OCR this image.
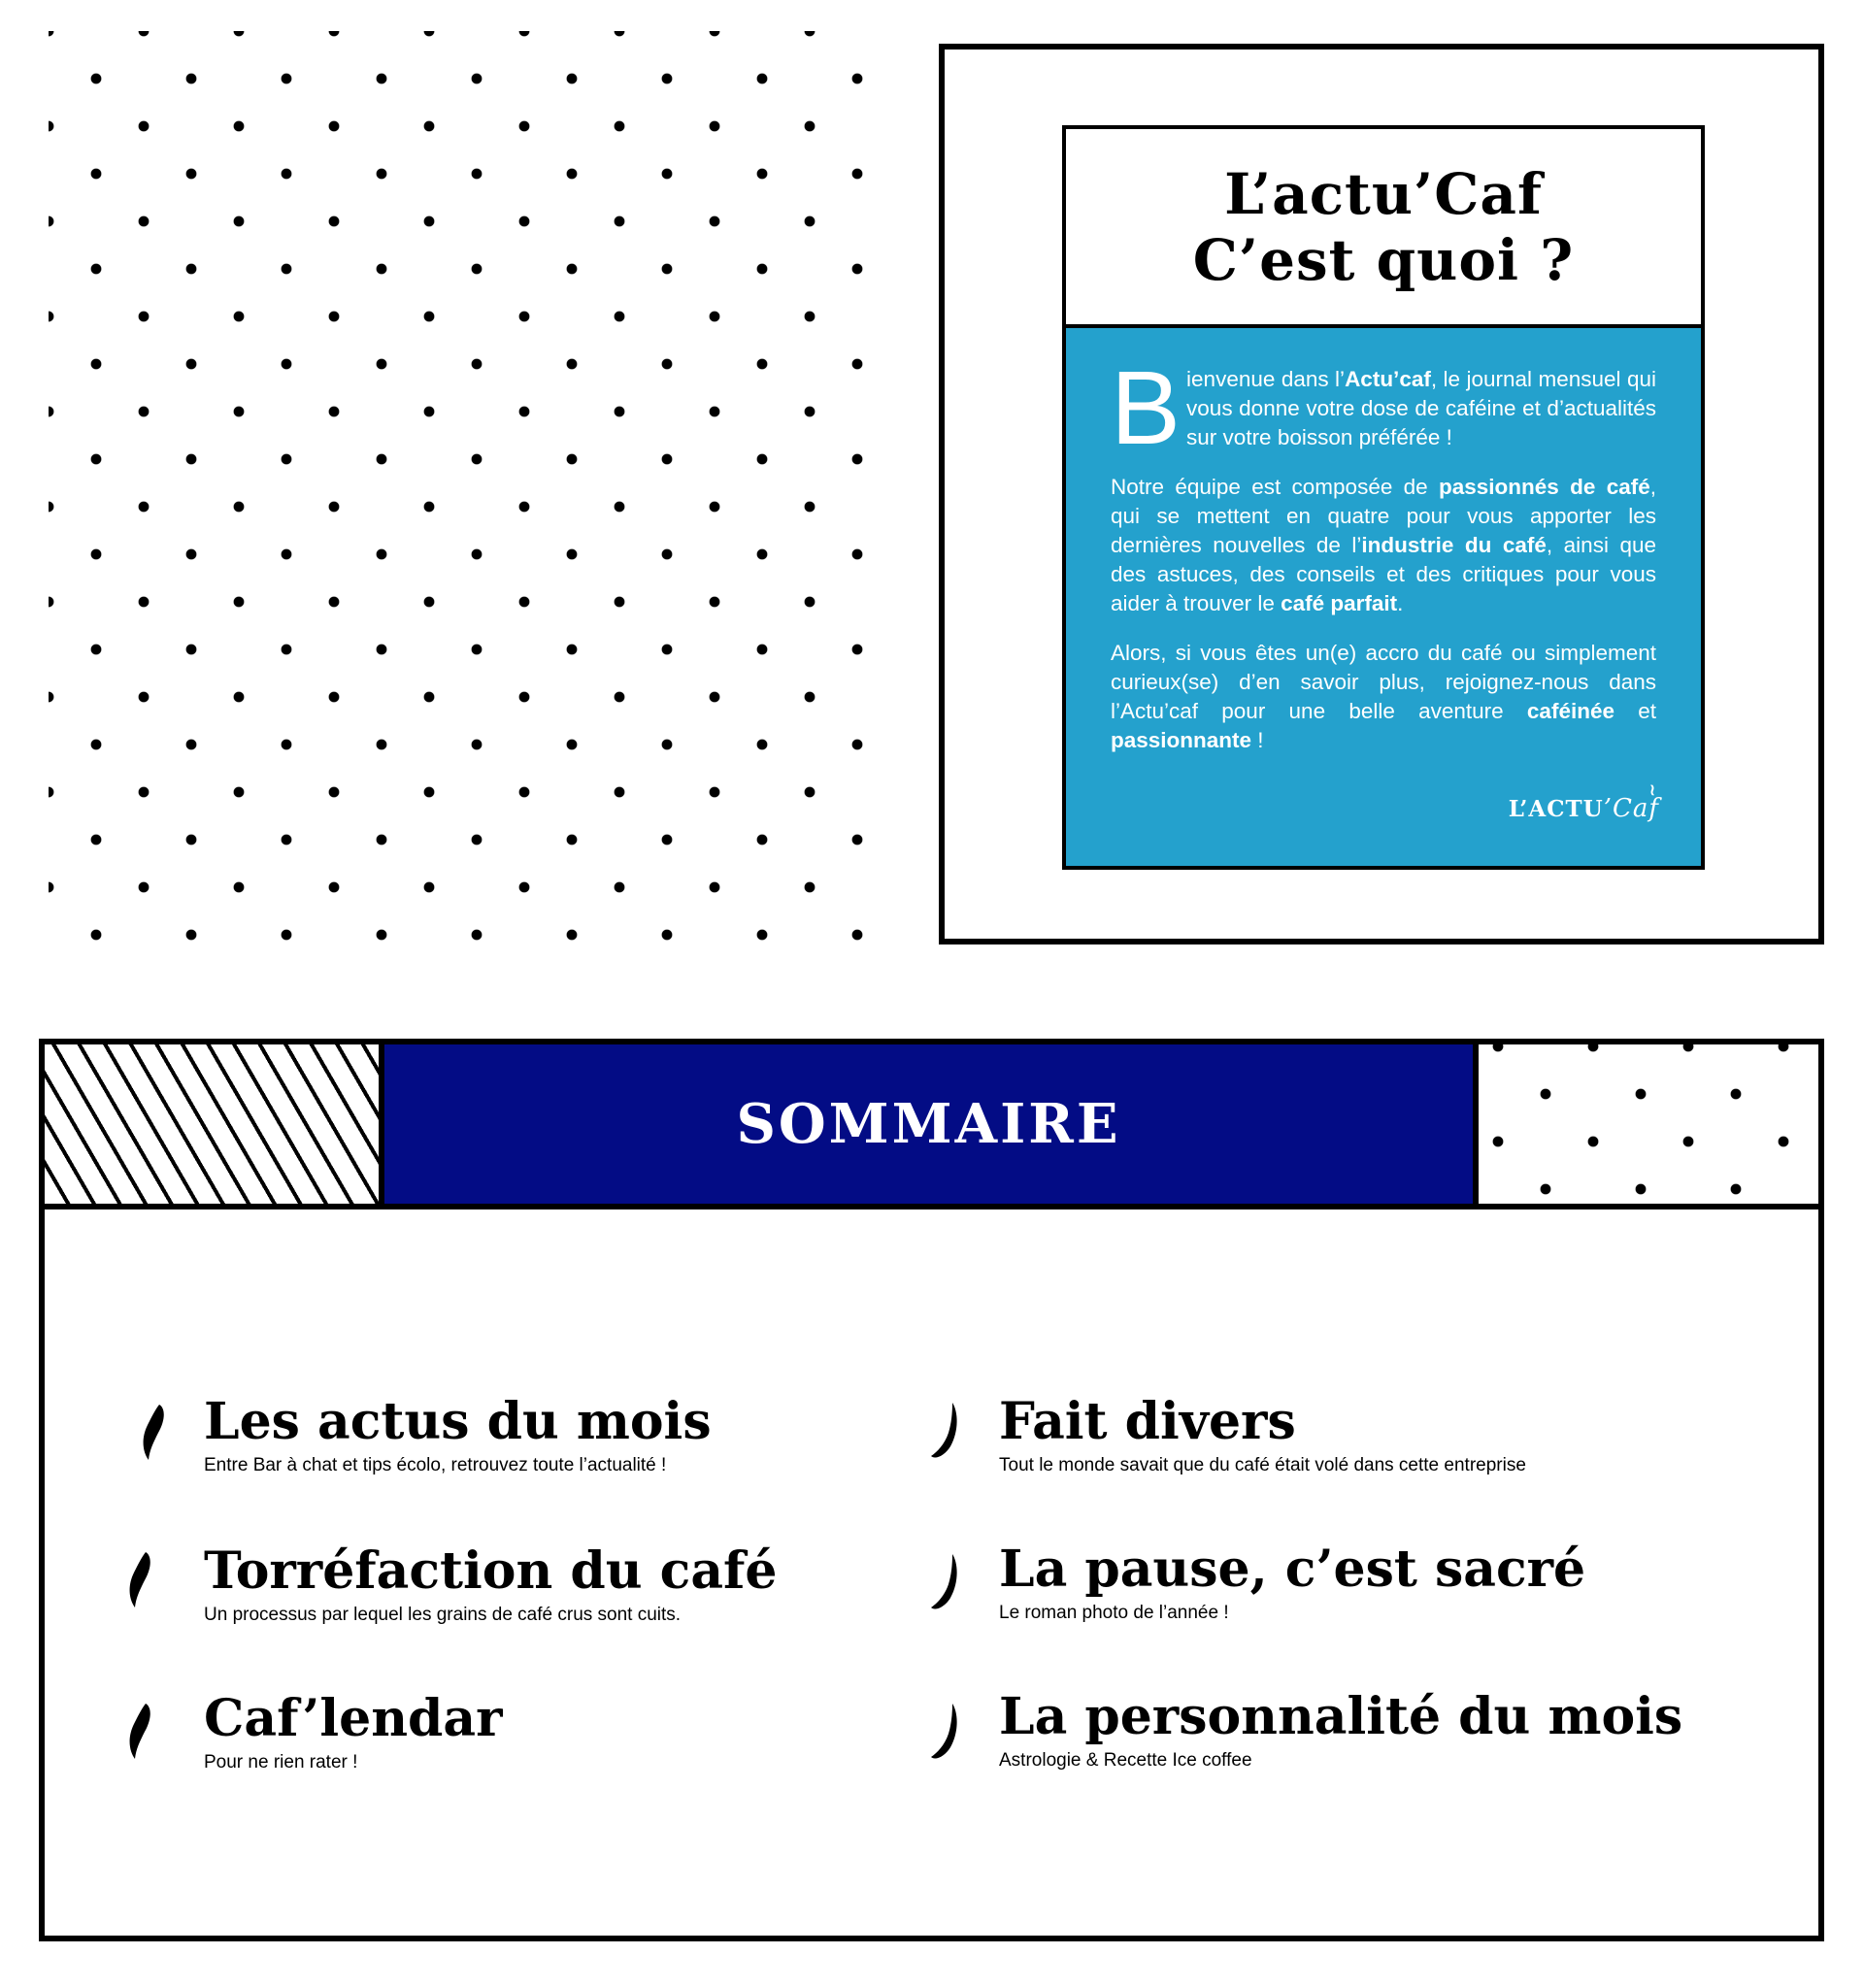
L’actu’Caf
C’est quoi ?

Bienvenue dans l’Actu’caf, le journal mensuel qui vous donne votre dose de caféine et d’actualités sur votre boisson préférée !

Notre équipe est composée de passionnés de café, qui se mettent en quatre pour vous apporter les dernières nouvelles de l’industrie du café, ainsi que des astuces, des conseils et des critiques pour vous aider à trouver le café parfait.

Alors, si vous êtes un(e) accro du café ou simplement curieux(se) d’en savoir plus, rejoignez-nous dans l’Actu’caf pour une belle aventure caféinée et passionnante !

L’ACTU’Caf≀
SOMMAIRE
Les actus du mois
Entre Bar à chat et tips écolo, retrouvez toute l’actualité !
Torréfaction du café
Un processus par lequel les grains de café crus sont cuits.
Caf’lendar
Pour ne rien rater !
Fait divers
Tout le monde savait que du café était volé dans cette entreprise
La pause, c’est sacré
Le roman photo de l’année !
La personnalité du mois
Astrologie & Recette Ice coffee
